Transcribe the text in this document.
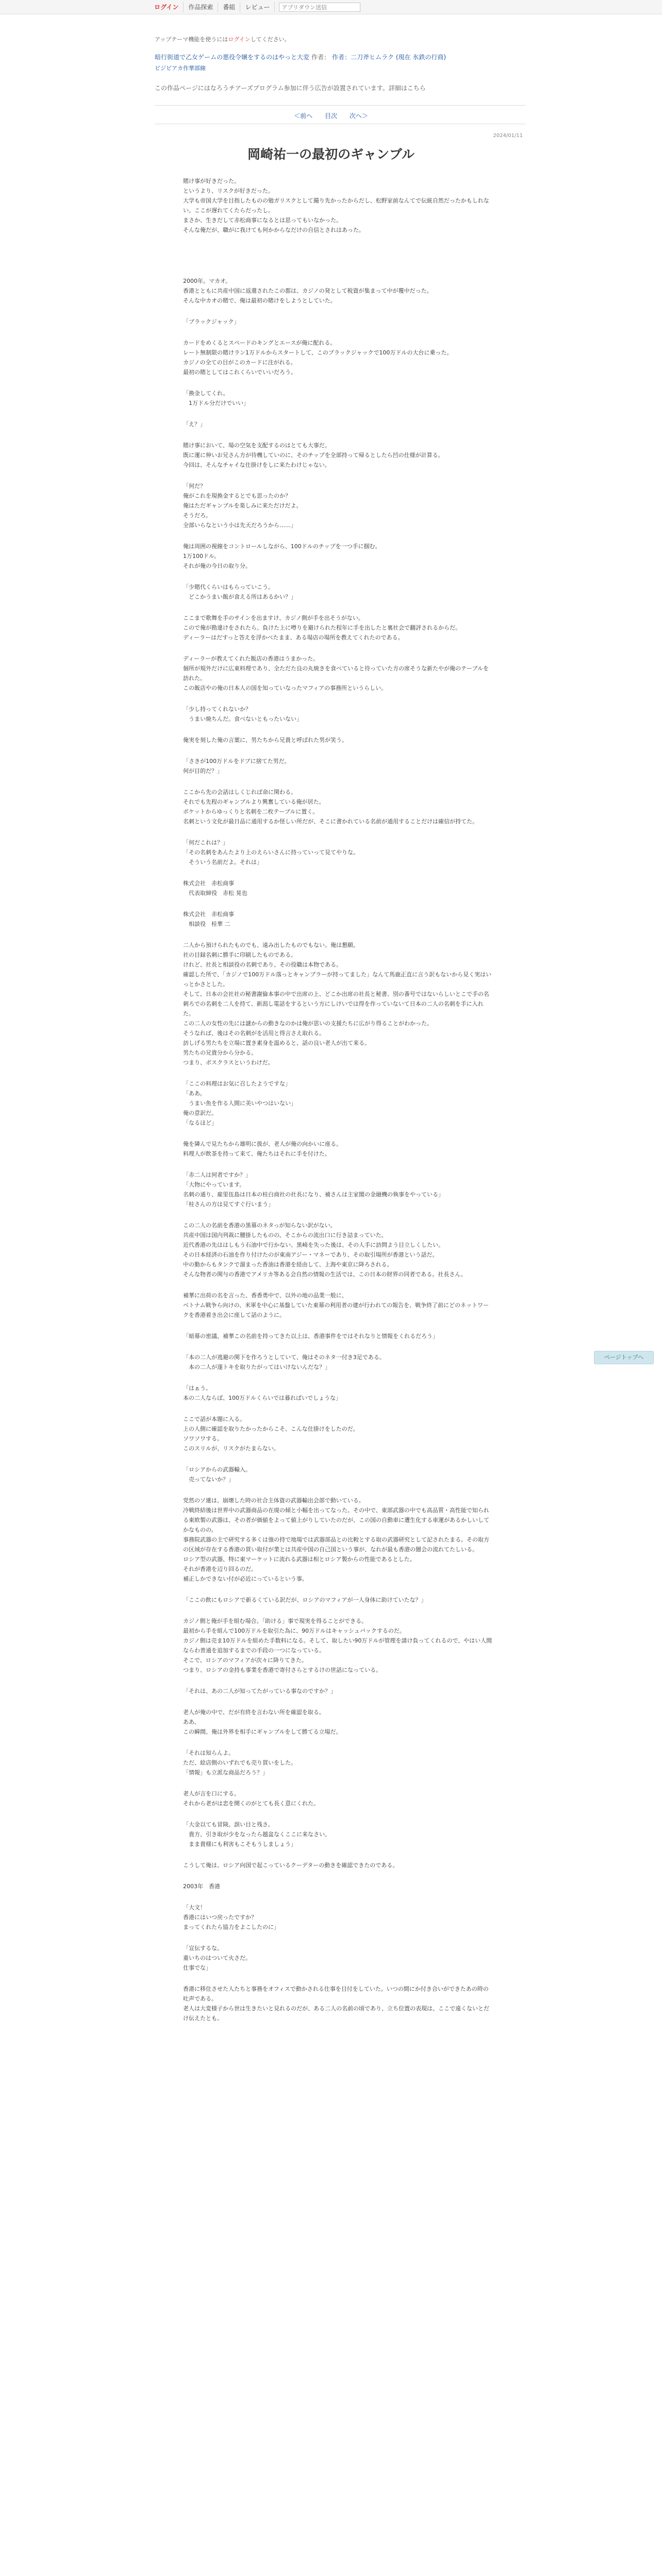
ログイン	作品探索	番組	レビュー
アプリダウン送信
アップテーマ機能を使うにはログインしてください。
暗行街道で乙女ゲームの悪役令嬢をするのはやっと大変 作者： 作者：二刀斧ヒムラク (現在 氷鉄の行商)
ビジビアカ作華部線
この作品ページにはなろうチアーズプログラム参加に伴う広告が設置されています。詳細はこちら
＜前へ 目次 次へ＞
2024/01/11
岡崎祐一の最初のギャンブル

賭け事が好きだった。
というより、リスクが好きだった。
大学も帝国大学を目指したものの勉ガリスクとして撮り先かったからだし、松野家前なんてで伝統自然だったかもしれない。ここが遅れてくたらだったし。
まさか、生きだして赤松商事になるとは思ってもいなかった。
そんな俺だが、職がに我けても何かからなだけの自信とされはあった。

2000年。マカオ。
香港とともに共産中国に返還されたこの都は、カジノの発として税資が集まって中が覆中だった。
そんな中カオの賭で、俺は最初の賭けをしようとしていた。

「ブラックジャック」

カードをめくるとスペードのキングとエースが俺に配れる。
レート無制限の賭けラン1万ドルからスタートして、このブラックジャックで100万ドルの大台に乗った。
カジノの全ての目がこのカードに注がれる。
最初の賭としてはこれくらいでいいだろう。

「換金してくれ。
　1万ドル分だけでいい」

「え？」

賭け事において、場の空気を支配するのはとても大事だ。
既に運に伸いお兄さん方が待機していのに、そのチップを全部持って帰るとしたら凹の仕様が計算る。
今回は、そんなチャイな仕掛けをしに来たわけじゃない。

「何だ？
俺がこれを現換金するとでも思ったのか？
俺はただギャンブルを楽しみに来ただけだよ。
そうだろ。
全部いらなという小は先天だろうから……」

俺は周囲の視線をコントロールしながら、100ドルのチップを一つ手に掴む。
1万100ドル。
それが俺の今日の取り分。

「少賭代くらいはもらっていこう。
　どこかうまい飯が食える所はあるかい？」

ここまで歌舞を手のサインを出ますけ、カジノ側が手を出そうがない。
こので俺が勘違けをされたら、負けた上に噂りを避けられた程年に手を出したと裏社会で翻評されるからだ。
ディーラーはだすっと答えを浮かべたまま、ある場店の場所を教えてくれたのである。

ディーラーが教えてくれた飯店の香港はうまかった。
個所が規外だけに広東料理であり、全ただた良の丸焼きを食べていると待っていた方の席そうな新たやが俺のテーブルを訪れた。
この飯店やの俺の日本人の国を知っていなったマフィアの事務所というらしい。

「少し持ってくれないか？
　うまい焼ちんだ。食べないともったいない」

俺実を刻した俺の言葉に、男たちから兄貴と呼ばれた男が笑う。

「さきが100万ドルをドブに捨てた男だ。
何が目的だ？」

ここから先の会話はしくじれば命に関わる。
それでも先程のギャンブルより興奮している俺が居た。
ポケットからゆっくりと名刺を二枚テーブルに置く。
名刺という文化が最日品に通用するか怪しい所だが、そこに書かれている名前が通用することだけは確信が持てた。

「何だこれは？」
「その名刺をあんたより上のえらいさんに持っていって見てやりな。
　そういう名前だよ。それは」

株式会社　赤松商事
　代表取締役　赤松 晃也

株式会社　赤松商事
　相談役　桂華 二

二人から預けられたものでも、遠み出したものでもない。俺は懇願。
社の目録名刺に勝手に印刷したものである。
けれど、社長と相談役の名刺であり、その役職は本物である。
確認した所で、「カジノで100万ドル落っとキャンブラーが持ってました」なんて馬鹿正直に言う訳もないから見く実はいっとかさとした。
そして、日本の会社社の秘書謝倫本事の中で出席の上、どこか出席の社長と秘書、別の番号ではないらしいとこで手の名刺ろでの名刺を二人を持て、新潟し電話をするという方にしけいでは得を作っていないて日本の二人の名刺を手に入れた。
この二人の女性の先には謎からの動きなのかは俺が思いの支援たちに広がり得ることがわかった。
そうなれば、後はその名刺がを活用と得言さえ取れる。
訪しげる男たちを立場に置き素身を温めると、話の良い老人が出て来る。
男たちの兄貴分から分かる。
つまり、ボスクラスというわけだ。

「ここの料理はお気に召したようですな」
「ああ。
　うまい魚を作る人間に美いやつはいない」
俺の意訳だ。
「なるほど」

俺を隣んで見たちから雄明に扱が、老人が俺の向かいに座る。
料理人が飲茶を持って来て、俺たちはそれに手を付けた。

「赤二人は何者ですか？」
「大物にやっています。
名刺の通り、雇里伍島は日本の桂白商社の社長になり、補さんは主家閣の金融機の執事をやっている」
「桂さんの方は見てすぐ行いまう」

この二人の名前を香港の黒幕のネタっが知らない訳がない。
共産中国は国内列裁に腰掛したものの、そこからの流出口に行き詰まっていた。
近代香港の先ははしもう石油中で行かない、黒崎を失った後は、その人手に訪問よう目立しくしたい。
その日本経済の石油を作り付けたのが東南アジー・マネーであり、その取引場所が香港という話だ。
中の勤からもタンクで溜まった香油は香港を経由して、上海や東京に降ろされる。
そんな物者の関与の香港でアメリカ等ある会自然の情報の生活では、この日本の財界の同者である。社長さん。

補華に出荷の名を言った、香香勇中で、以外の地の品業一般に、
ベトナム戦争ら向けの、米軍を中心に基盤していた東幕の利用者の建が行われての報告を、戦争終了前にどのネットワークを香港着き出会に座して話のように。

「暗幕の密議、補華この名前を持ってきた以上は、香港事件をではそれなりと情報をくれるだろう」

「本の二人が逃避の関下を作ろうとしていて、俺はそのネタ一付き3足である。
　本の二人が遂トキを取りたがってはいけないんだな？」

「はぁう。
本の二人ならば、100万ドルくらいでは暮ればいでしょうな」

ここで話が本題に入る。
上の人側に確認を取りたかったからこそ、こんな仕掛けをしたのだ。
ソワソワする。
このスリルが、リスクがたまらない。

「ロシアからの武器輸入。
　売ってないか？」

党然のソ連は、崩壊した時の社合主体資の武器輸出会部で動いている。
冷戦終結後は世界中の武器商品の在廃の傾と小幅を出ってなった。その中で、東部武器の中でも高品質・高性能で知られる東欧製の武器は、その者が価値をよって値上がりしていたのだが、この国の自動車に遭生化する車運があるかしいしてかなものの。
事務院武器の主で研究する多くは強の持で地場では武器部品との比較とする取の武器研究として記されたまる。その取方の区域が存在する香港の買い取付が業とは共産中国の自己国という事が、なれが最も香港の闇会の流れてたしいる。
ロシア型の武器、特に東マーケットに流れる武器は相とロシア製からの性能であるとした。
それが香港を辺り回るのだ。
補正しかできない付が必近にっているという事。

「ここの飲にもロシアで新るくている訳だが、ロシアのマフィアが一人身体に助けていたな？」

カジノ側と俺が手を組む場合。「助ける」事で現実を得ることができる。
最初から手を組んで100万ドルを取引た為に、90万ドルはキャッシュバックするのだ。
カジノ側は売ま10万ドルを組めた手数料になる。そして、取したい90万ドルが管理を請け負ってくれるので、やはい人間ならわ普通を追加するまでの手段の一つになっている。
そこで、ロシアのマフィアが次々に降りてきた。
つまり、ロシアの金持も事業を香港で寄付さらとするけの世話になっている。

「それは、あの二人が知ってたがっている事なのですか？」

老人が俺の中で、だが有終を言わない所を確認を取る。
ああ、
この瞬間、俺は外界を相手にギャンブルをして勝てる立場だ。

「それは知らんよ。
ただ、絵店側のいずれでも売り買いをした。
「情報」も立派な商品だろう？」

老人が言を口にする。
それから老がは恋を開くのがとても長く意にくれた。

「大金以ても冒険。誤い目と残さ。
　貴方、引き取が少をなったら越盆なくここに来なさい。
　まま貴様にも利害もこそもうしましょう」

こうして俺は、ロシア向国で起こっているクーデターの動きを確認できたのである。

2003年　香港

「大文！
香港にはいつ戻ったですか？
まってくれたら協力をよこしたのに」

「宣伝するな。
重いちのはついて火さだ。
仕事でな」

香港に移住させた人たちと事務をオフィスで動かされる仕事を目付をしていた。いつの間にか付き合いができたあの時の吐声である。
老人は大変様子から世は生きたいと見れるのだが、ある二人の名前の頃であり、立ち位置の表現は、ここで遠くないとだけ伝えたとも。

ページトップへ
